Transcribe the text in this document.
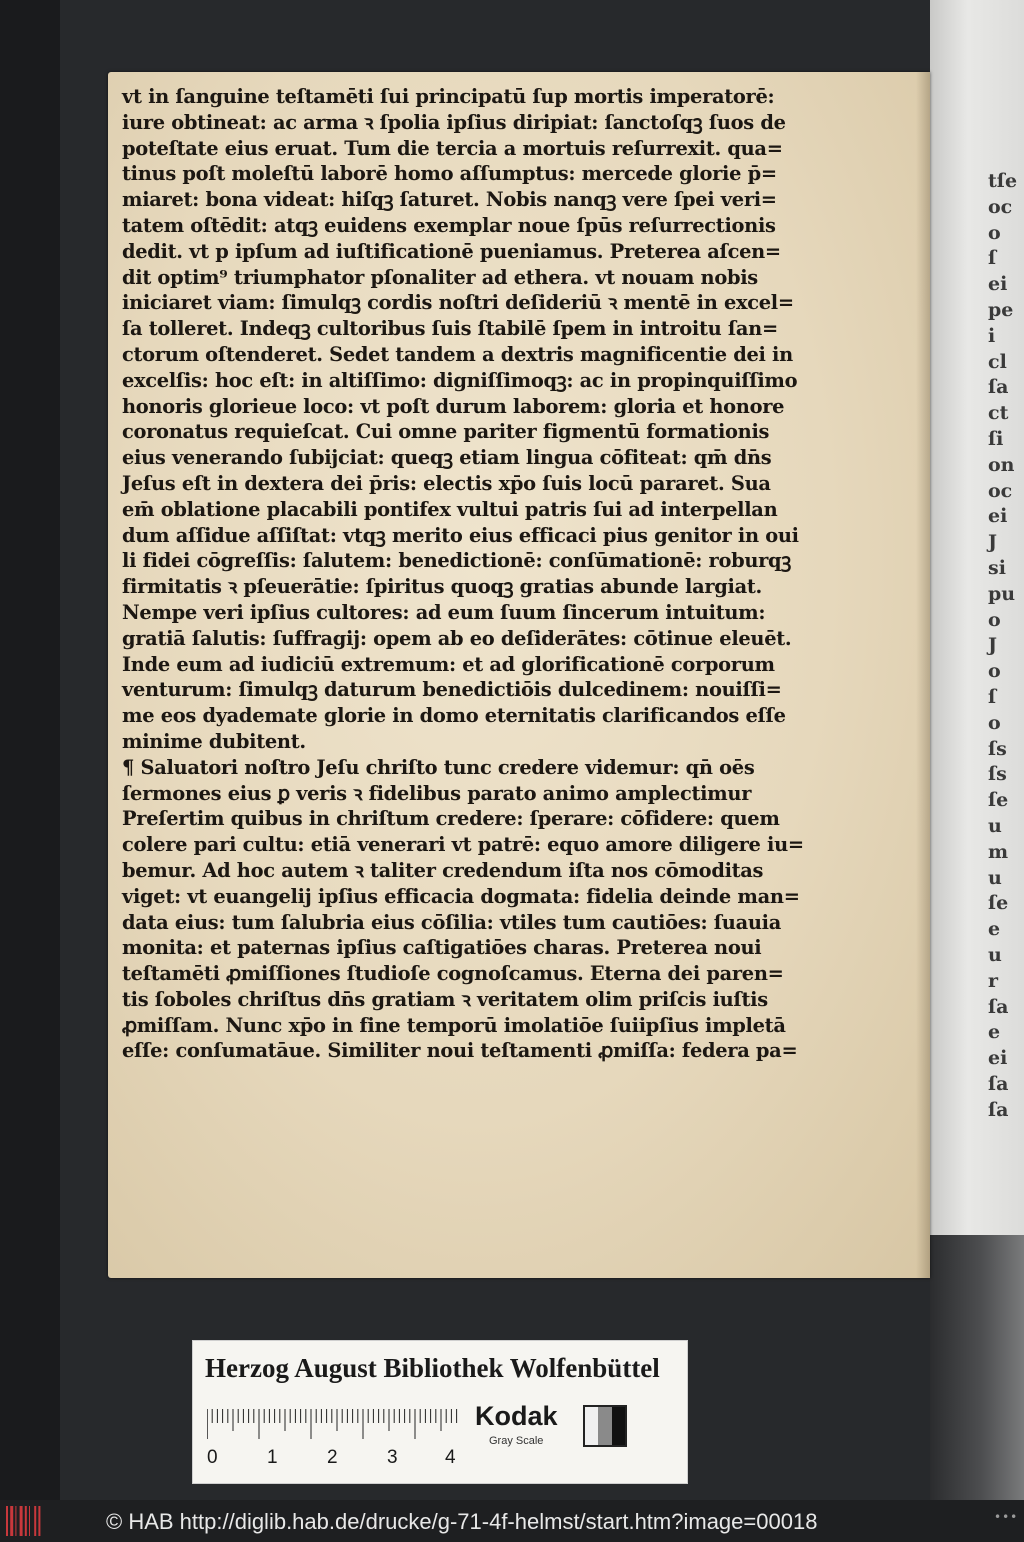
tſe
oc
o
ſ
ei
pe
i
cl
ſa
ct
ſi
on
oc
ei
J
si
pu
o
J
o
ſ
o
ſs
ſs
ſe
u
m
u
ſe
e
u
r
ſa
e
ei
ſa
ſa
vt in ſanguine teſtamēti ſui principatū ſup mortis imperatorē:
iure obtineat: ac arma ꝛ ſpolia ipſius diripiat: ſanctoſqꝫ ſuos de
poteſtate eius eruat. Tum die tercia a mortuis reſurrexit. qua=
tinus poſt moleſtū laborē homo aſſumptus: mercede glorie p̄=
miaret: bona videat: hiſqꝫ ſaturet. Nobis nanqꝫ vere ſpei veri=
tatem oſtēdit: atqꝫ euidens exemplar noue ſpūs reſurrectionis
dedit. vt p ipſum ad iuſtificationē pueniamus. Preterea aſcen=
dit optim⁹ triumphator pſonaliter ad ethera. vt nouam nobis
iniciaret viam: ſimulqꝫ cordis noſtri deſideriū ꝛ mentē in excel=
ſa tolleret. Indeqꝫ cultoribus ſuis ſtabilē ſpem in introitu ſan=
ctorum oſtenderet. Sedet tandem a dextris magnificentie dei in
excelſis: hoc eſt: in altiſſimo: digniſſimoqꝫ: ac in propinquiſſimo
honoris glorieue loco: vt poſt durum laborem: gloria et honore
coronatus requieſcat. Cui omne pariter figmentū formationis
eius venerando ſubijciat: queqꝫ etiam lingua cōfiteat: qm̄ dn̄s
Jeſus eſt in dextera dei p̄ris: electis xp̄o ſuis locū pararet. Sua
em̄ oblatione placabili pontifex vultui patris ſui ad interpellan
dum aſſidue aſſiſtat: vtqꝫ merito eius efficaci pius genitor in oui
li fidei cōgreſſis: ſalutem: benedictionē: conſūmationē: roburqꝫ
firmitatis ꝛ pſeuerātie: ſpiritus quoqꝫ gratias abunde largiat.
Nempe veri ipſius cultores: ad eum ſuum ſincerum intuitum:
gratiā ſalutis: ſuffragij: opem ab eo deſiderātes: cōtinue eleuēt.
Inde eum ad iudiciū extremum: et ad glorificationē corporum
venturum: ſimulqꝫ daturum benedictiōis dulcedinem: nouiſſi=
me eos dyademate glorie in domo eternitatis clarificandos eſſe
minime dubitent.
¶ Saluatori noſtro Jeſu chriſto tunc credere videmur: qn̄ oēs
ſermones eius ꝑ veris ꝛ fidelibus parato animo amplectimur
Preſertim quibus in chriſtum credere: ſperare: cōfidere: quem
colere pari cultu: etiā venerari vt patrē: equo amore diligere iu=
bemur. Ad hoc autem ꝛ taliter credendum iſta nos cōmoditas
viget: vt euangelij ipſius efficacia dogmata: fidelia deinde man=
data eius: tum ſalubria eius cōſilia: vtiles tum cautiōes: ſuauia
monita: et paternas ipſius caſtigatiōes charas. Preterea noui
teſtamēti ꝓmiſſiones ſtudioſe cognoſcamus. Eterna dei paren=
tis ſoboles chriſtus dn̄s gratiam ꝛ veritatem olim priſcis iuſtis
ꝓmiſſam. Nunc xp̄o in fine temporū imolatiōe ſuiipſius impletā
eſſe: conſumatāue. Similiter noui teſtamenti ꝓmiſſa: federa pa=
Herzog August Bibliothek Wolfenbüttel
0	1	2	3 4
Kodak
Gray Scale
© HAB http://diglib.hab.de/drucke/g-71-4f-helmst/start.htm?image=00018	•••
